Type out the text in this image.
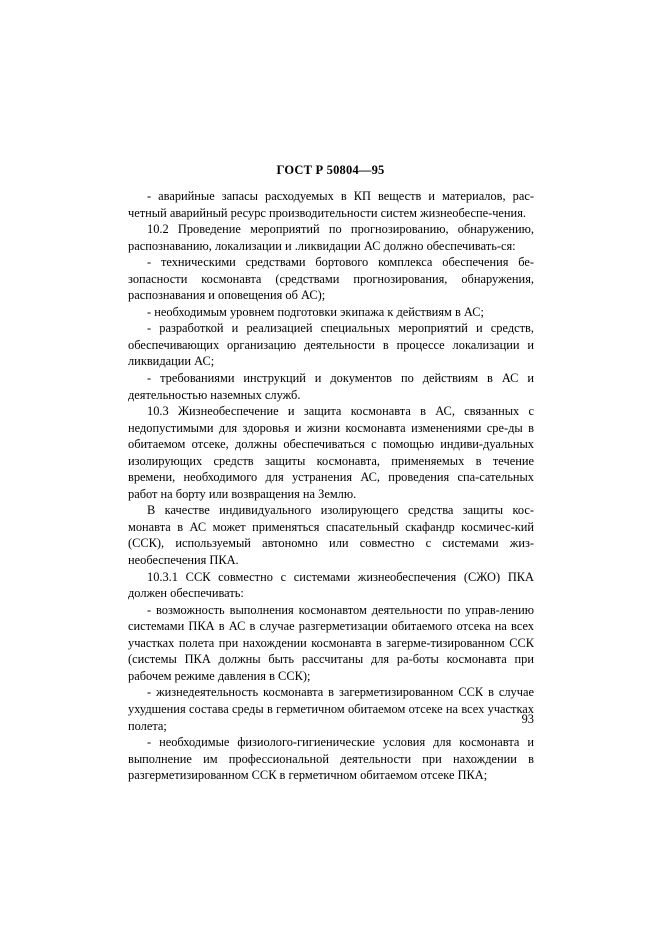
ГОСТ Р 50804—95

- аварийные запасы расходуемых в КП веществ и материалов, рас-четный аварийный ресурс производительности систем жизнеобеспе-чения.

10.2 Проведение мероприятий по прогнозированию, обнаружению, распознаванию, локализации и .ликвидации АС должно обеспечивать-ся:

- техническими средствами бортового комплекса обеспечения бе-зопасности космонавта (средствами прогнозирования, обнаружения, распознавания и оповещения об АС);

- необходимым уровнем подготовки экипажа к действиям в АС;

- разработкой и реализацией специальных мероприятий и средств, обеспечивающих организацию деятельности в процессе локализации и ликвидации АС;

- требованиями инструкций и документов по действиям в АС и деятельностью наземных служб.

10.3 Жизнеобеспечение и защита космонавта в АС, связанных с недопустимыми для здоровья и жизни космонавта изменениями сре-ды в обитаемом отсеке, должны обеспечиваться с помощью индиви-дуальных изолирующих средств защиты космонавта, применяемых в течение времени, необходимого для устранения АС, проведения спа-сательных работ на борту или возвращения на Землю.

В качестве индивидуального изолирующего средства защиты кос-монавта в АС может применяться спасательный скафандр космичес-кий (ССК), используемый автономно или совместно с системами жиз-необеспечения ПКА.

10.3.1 ССК совместно с системами жизнеобеспечения (СЖО) ПКА должен обеспечивать:

- возможность выполнения космонавтом деятельности по управ-лению системами ПКА в АС в случае разгерметизации обитаемого отсека на всех участках полета при нахождении космонавта в загерме-тизированном ССК (системы ПКА должны быть рассчитаны для ра-боты космонавта при рабочем режиме давления в ССК);

- жизнедеятельность космонавта в загерметизированном ССК в случае ухудшения состава среды в герметичном обитаемом отсеке на всех участках полета;

- необходимые физиолого-гигиенические условия для космонавта и выполнение им профессиональной деятельности при нахождении в разгерметизированном ССК в герметичном обитаемом отсеке ПКА;

93
